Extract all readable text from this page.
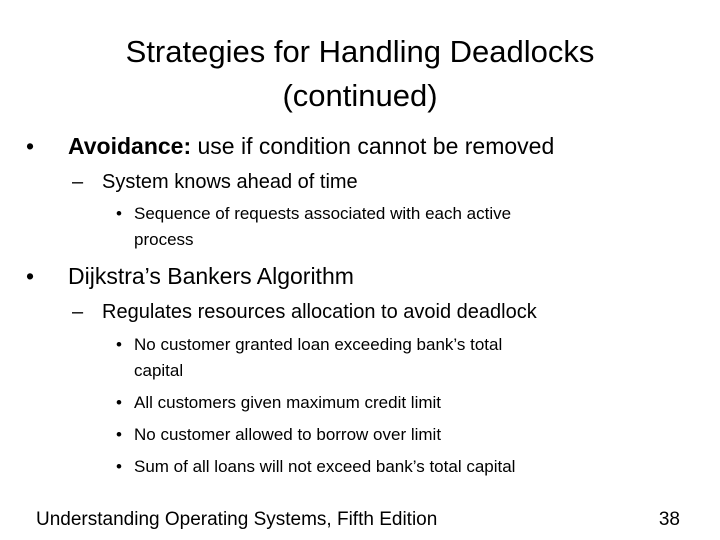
Strategies for Handling Deadlocks
(continued)
• Avoidance: use if condition cannot be removed
– System knows ahead of time
• Sequence of requests associated with each active
process
• Dijkstra’s Bankers Algorithm
– Regulates resources allocation to avoid deadlock
• No customer granted loan exceeding bank’s total
capital
• All customers given maximum credit limit
• No customer allowed to borrow over limit
• Sum of all loans will not exceed bank’s total capital
Understanding Operating Systems, Fifth Edition	38
